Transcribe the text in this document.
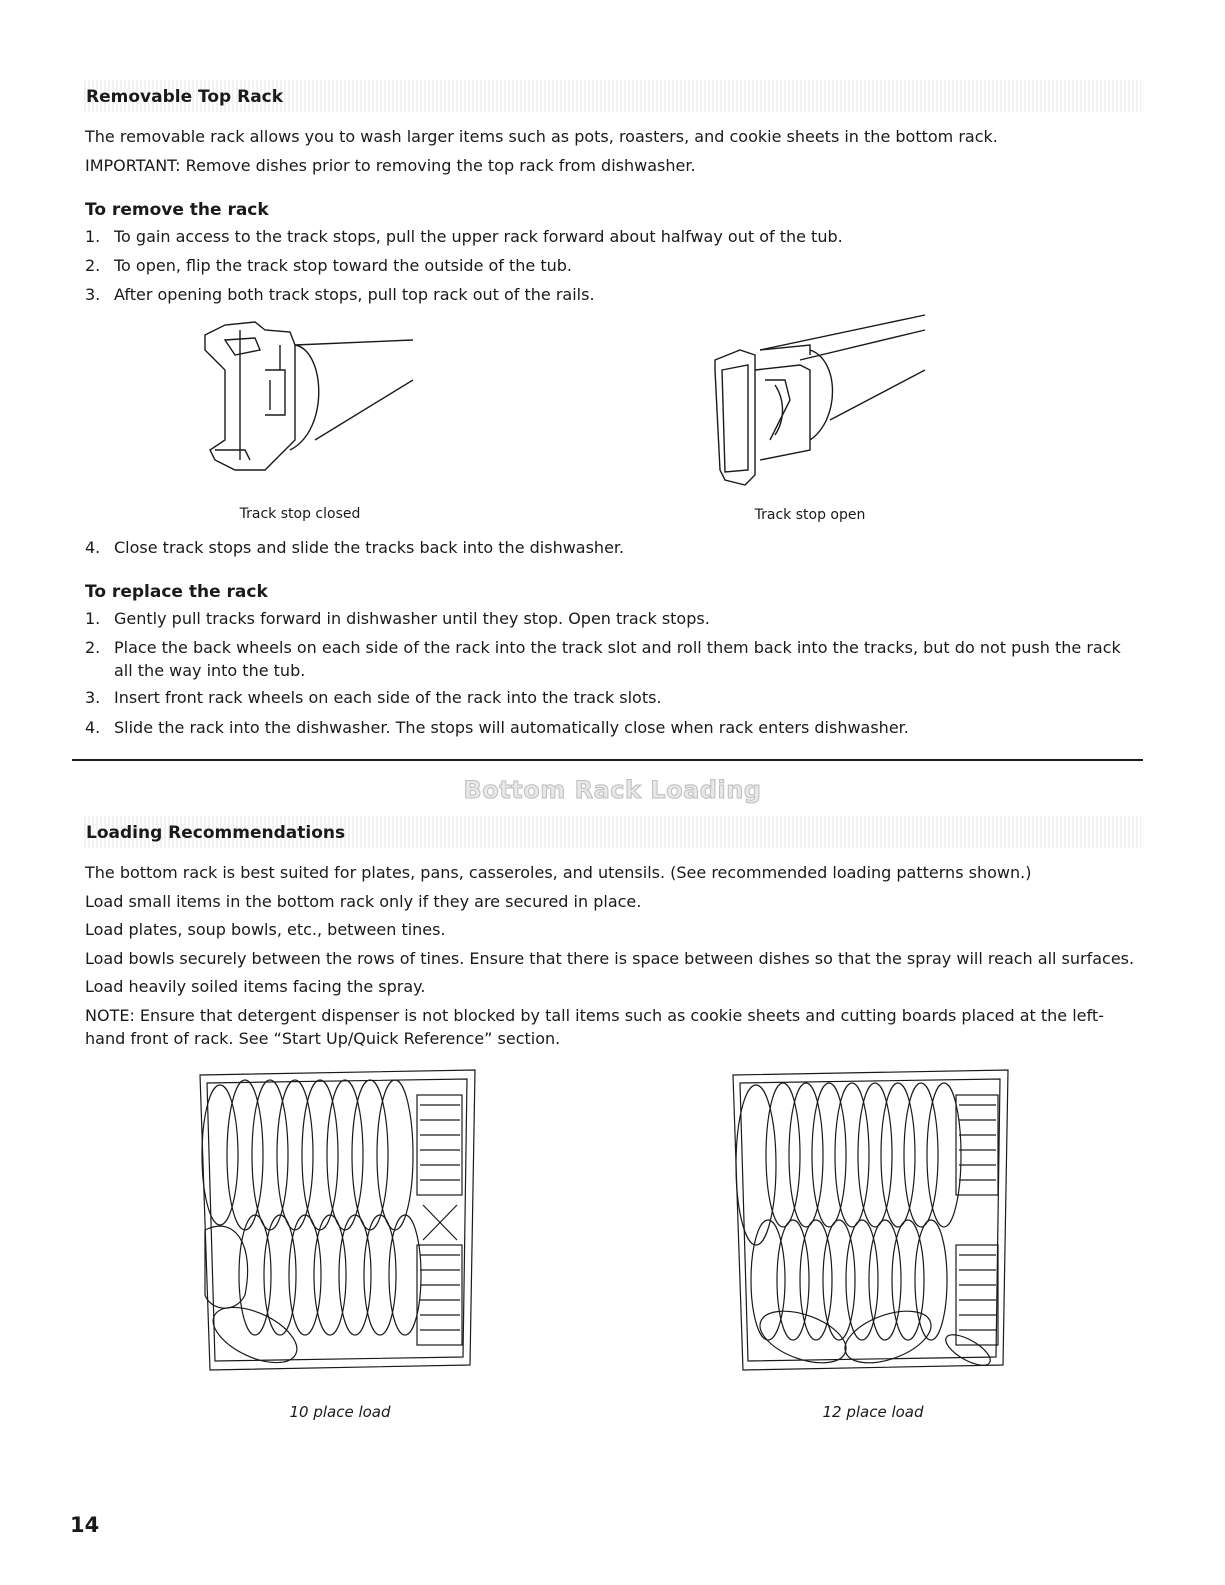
Removable Top Rack

The removable rack allows you to wash larger items such as pots, roasters, and cookie sheets in the bottom rack.

IMPORTANT: Remove dishes prior to removing the top rack from dishwasher.

To remove the rack
1. To gain access to the track stops, pull the upper rack forward about halfway out of the tub.
2. To open, flip the track stop toward the outside of the tub.
3. After opening both track stops, pull top rack out of the rails.
Track stop closed	Track stop open
4. Close track stops and slide the tracks back into the dishwasher.
To replace the rack
1. Gently pull tracks forward in dishwasher until they stop. Open track stops.
2. Place the back wheels on each side of the rack into the track slot and roll them back into the tracks, but do not push the rack
all the way into the tub.
3. Insert front rack wheels on each side of the rack into the track slots.
4. Slide the rack into the dishwasher. The stops will automatically close when rack enters dishwasher.
Bottom Rack Loading
Loading Recommendations

The bottom rack is best suited for plates, pans, casseroles, and utensils. (See recommended loading patterns shown.)

Load small items in the bottom rack only if they are secured in place.

Load plates, soup bowls, etc., between tines.

Load bowls securely between the rows of tines. Ensure that there is space between dishes so that the spray will reach all surfaces.

Load heavily soiled items facing the spray.

NOTE: Ensure that detergent dispenser is not blocked by tall items such as cookie sheets and cutting boards placed at the left-

hand front of rack. See “Start Up/Quick Reference” section.

10 place load	12 place load
14
